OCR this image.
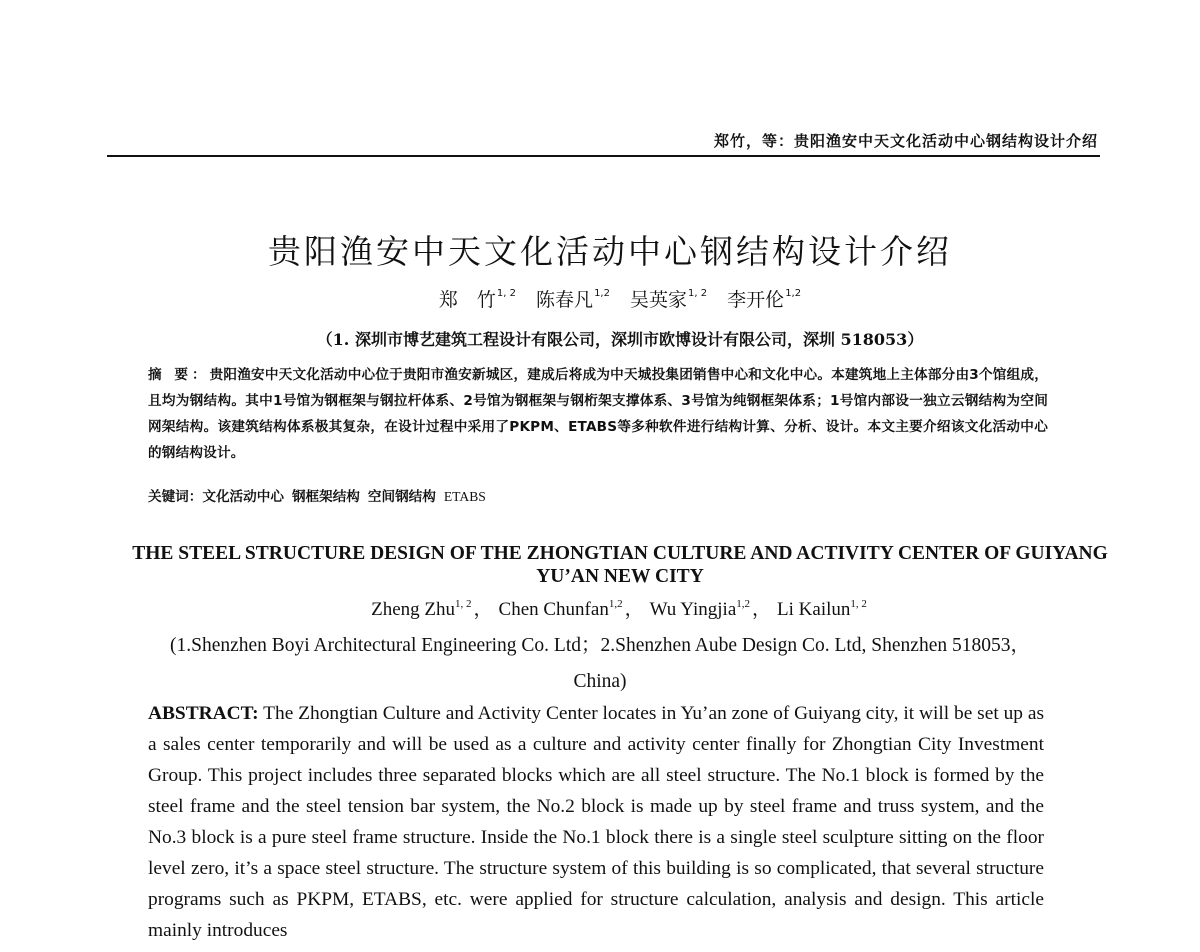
郑竹，等：贵阳渔安中天文化活动中心钢结构设计介绍
贵阳渔安中天文化活动中心钢结构设计介绍
郑　竹$^{1, 2}$ 陈春凡$^{1,2}$ 吴英家$^{1, 2}$ 李开伦$^{1,2}$
（1. 深圳市博艺建筑工程设计有限公司，深圳市欧博设计有限公司，深圳 518053）
摘 要：贵阳渔安中天文化活动中心位于贵阳市渔安新城区，建成后将成为中天城投集团销售中心和文化中心。本建筑地上主体部分由3个馆组成，且均为钢结构。其中1号馆为钢框架与钢拉杆体系、2号馆为钢框架与钢桁架支撑体系、3号馆为纯钢框架体系；1号馆内部设一独立云钢结构为空间网架结构。该建筑结构体系极其复杂，在设计过程中采用了PKPM、ETABS等多种软件进行结构计算、分析、设计。本文主要介绍该文化活动中心的钢结构设计。
关键词：文化活动中心 钢框架结构 空间钢结构 ETABS
THE STEEL STRUCTURE DESIGN OF THE ZHONGTIAN CULTURE AND ACTIVITY CENTER OF GUIYANG YU’AN NEW CITY
Zheng Zhu$^{1, 2}$ ， Chen Chunfan$^{1,2}$ ， Wu Yingjia$^{1,2}$ ， Li Kailun$^{1, 2}$
(1.Shenzhen Boyi Architectural Engineering Co. Ltd；2.Shenzhen Aube Design Co. Ltd, Shenzhen 518053，China)
ABSTRACT: The Zhongtian Culture and Activity Center locates in Yu’an zone of Guiyang city, it will be set up as a sales center temporarily and will be used as a culture and activity center finally for Zhongtian City Investment Group. This project includes three separated blocks which are all steel structure. The No.1 block is formed by the steel frame and the steel tension bar system, the No.2 block is made up by steel frame and truss system, and the No.3 block is a pure steel frame structure. Inside the No.1 block there is a single steel sculpture sitting on the floor level zero, it’s a space steel structure. The structure system of this building is so complicated, that several structure programs such as PKPM, ETABS, etc. were applied for structure calculation, analysis and design. This article mainly introduces
